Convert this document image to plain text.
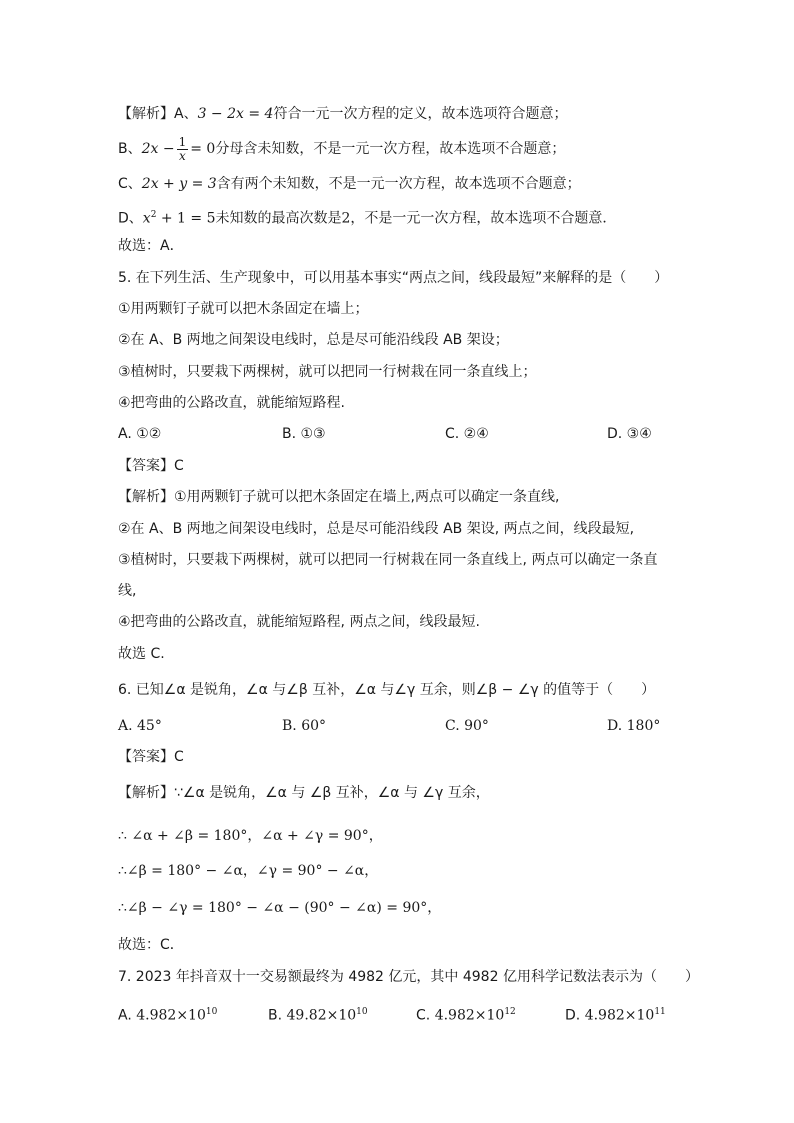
【解析】A、3 − 2x = 4符合一元一次方程的定义，故本选项符合题意；
B、$2x - \frac{1}{x} = 0$分母含未知数，不是一元一次方程，故本选项不合题意；
C、2x + y = 3含有两个未知数，不是一元一次方程，故本选项不合题意；
D、$x^2 + 1 = 5$未知数的最高次数是2，不是一元一次方程，故本选项不合题意．
故选：A．
5. 在下列生活、生产现象中，可以用基本事实“两点之间，线段最短”来解释的是（　　）
①用两颗钉子就可以把木条固定在墙上；
②在 A、B 两地之间架设电线时，总是尽可能沿线段 AB 架设；
③植树时，只要栽下两棵树，就可以把同一行树栽在同一条直线上；
④把弯曲的公路改直，就能缩短路程.
A. ①②	B. ①③	C. ②④	D. ③④
【答案】C
【解析】①用两颗钉子就可以把木条固定在墙上,两点可以确定一条直线,
②在 A、B 两地之间架设电线时，总是尽可能沿线段 AB 架设, 两点之间，线段最短,
③植树时，只要栽下两棵树，就可以把同一行树栽在同一条直线上, 两点可以确定一条直
线,
④把弯曲的公路改直，就能缩短路程, 两点之间，线段最短.
故选 C.
6. 已知∠α 是锐角，∠α 与∠β 互补，∠α 与∠γ 互余，则∠β − ∠γ 的值等于（　　）
A. 45°	B. 60°	C. 90°	D. 180°
【答案】C
【解析】∵∠α 是锐角，∠α 与 ∠β 互补，∠α 与 ∠γ 互余，
∴ ∠α + ∠β = 180°，∠α + ∠γ = 90°，
∴∠β = 180° − ∠α，∠γ = 90° − ∠α，
∴∠β − ∠γ = 180° − ∠α − (90° − ∠α) = 90°，
故选：C．
7. 2023 年抖音双十一交易额最终为 4982 亿元，其中 4982 亿用科学记数法表示为（　　）
A. $4.982\times 10^{10}$	B. $49.82\times 10^{10}$	C. $4.982\times 10^{12}$	D. $4.982\times 10^{11}$
